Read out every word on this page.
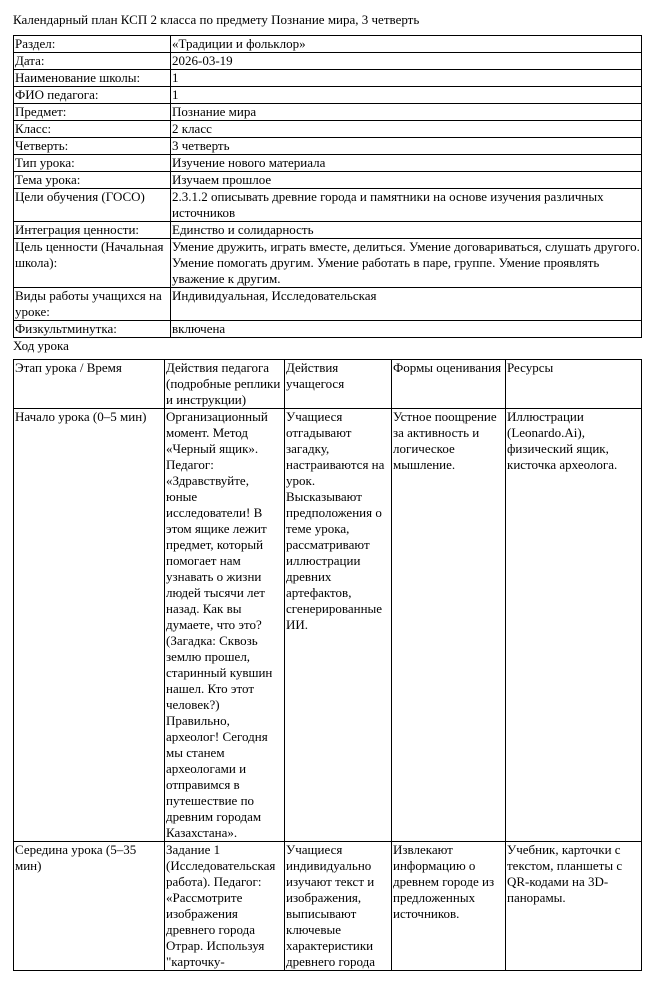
Календарный план КСП 2 класса по предмету Познание мира, 3 четверть
Раздел:	«Традиции и фольклор»
Дата:	2026-03-19
Наименование школы:	1
ФИО педагога:	1
Предмет:	Познание мира
Класс:	2 класс
Четверть:	3 четверть
Тип урока:	Изучение нового материала
Тема урока:	Изучаем прошлое
Цели обучения (ГОСО)	2.3.1.2 описывать древние города и памятники на основе изучения различных источников
Интеграция ценности:	Единство и солидарность
Цель ценности (Начальная школа):	Умение дружить, играть вместе, делиться. Умение договариваться, слушать другого. Умение помогать другим. Умение работать в паре, группе. Умение проявлять уважение к другим.
Виды работы учащихся на уроке:	Индивидуальная, Исследовательская
Физкультминутка:	включена
Ход урока
Этап урока / Время	Действия педагога (подробные реплики и инструкции)	Действия учащегося	Формы оценивания	Ресурсы
Начало урока (0–5 мин)	Организационный момент. Метод «Черный ящик». Педагог: «Здравствуйте, юные исследователи! В этом ящике лежит предмет, который помогает нам узнавать о жизни людей тысячи лет назад. Как вы думаете, что это? (Загадка: Сквозь землю прошел, старинный кувшин нашел. Кто этот человек?) Правильно, археолог! Сегодня мы станем археологами и отправимся в путешествие по древним городам Казахстана».	Учащиеся отгадывают загадку, настраиваются на урок. Высказывают предположения о теме урока, рассматривают иллюстрации древних артефактов, сгенерированные ИИ.	Устное поощрение за активность и логическое мышление.	Иллюстрации (Leonardo.Ai), физический ящик, кисточка археолога.
Середина урока (5–35 мин)	Задание 1 (Исследовательская работа). Педагог: «Рассмотрите изображения древнего города Отрар. Используя "карточку-	Учащиеся индивидуально изучают текст и изображения, выписывают ключевые характеристики древнего города	Извлекают информацию о древнем городе из предложенных источников.	Учебник, карточки с текстом, планшеты с QR-кодами на 3D-панорамы.
